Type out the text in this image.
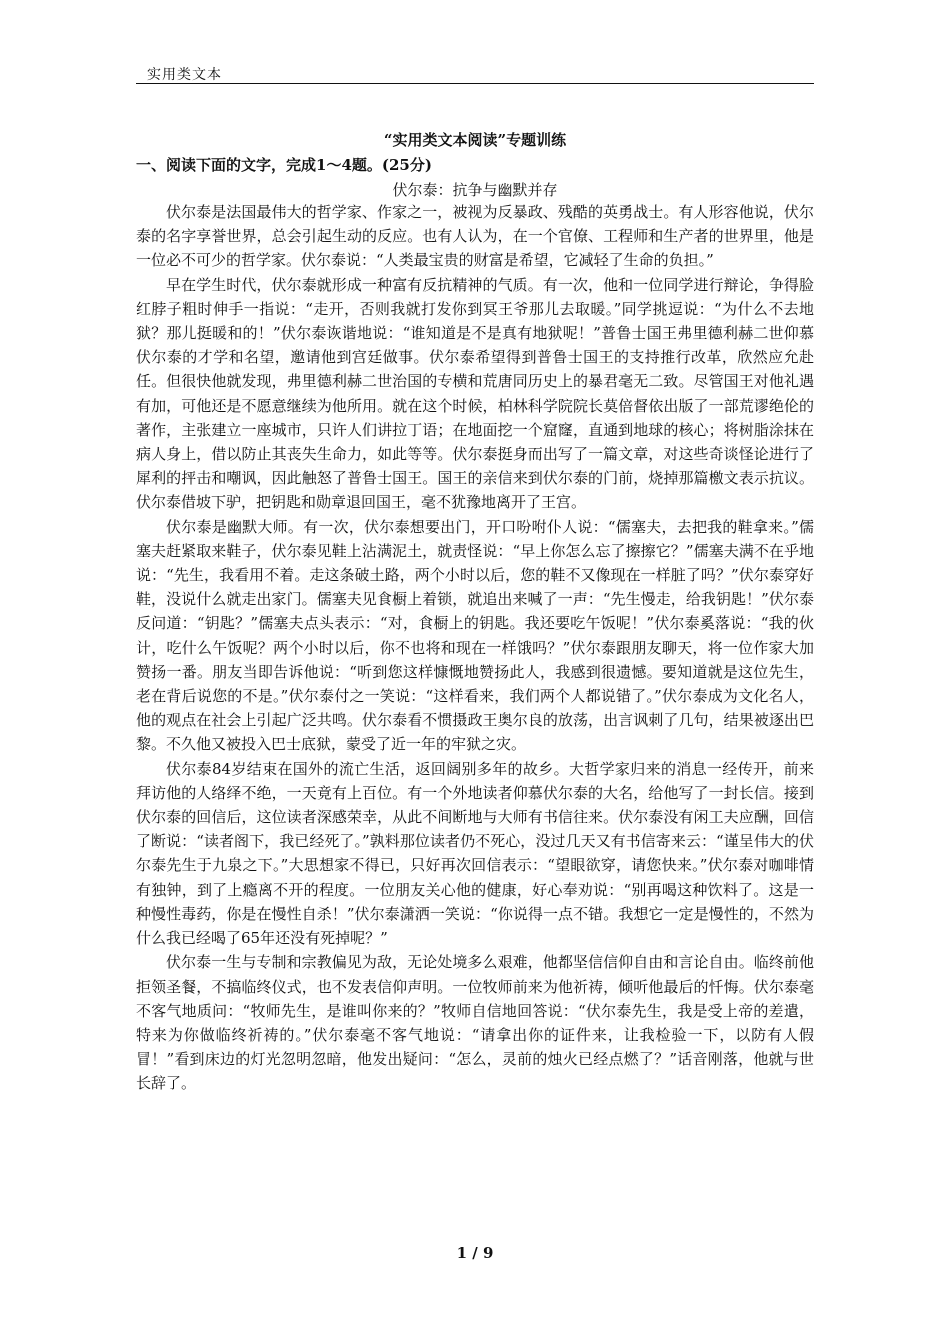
实用类文本
“实用类文本阅读”专题训练
一、阅读下面的文字，完成1～4题。(25分)
伏尔泰：抗争与幽默并存

伏尔泰是法国最伟大的哲学家、作家之一，被视为反暴政、残酷的英勇战士。有人形容他说，伏尔泰的名字享誉世界，总会引起生动的反应。也有人认为，在一个官僚、工程师和生产者的世界里，他是一位必不可少的哲学家。伏尔泰说：“人类最宝贵的财富是希望，它减轻了生命的负担。”

早在学生时代，伏尔泰就形成一种富有反抗精神的气质。有一次，他和一位同学进行辩论，争得脸红脖子粗时伸手一指说：“走开，否则我就打发你到冥王爷那儿去取暖。”同学挑逗说：“为什么不去地狱？那儿挺暖和的！”伏尔泰诙谐地说：“谁知道是不是真有地狱呢！”普鲁士国王弗里德利赫二世仰慕伏尔泰的才学和名望，邀请他到宫廷做事。伏尔泰希望得到普鲁士国王的支持推行改革，欣然应允赴任。但很快他就发现，弗里德利赫二世治国的专横和荒唐同历史上的暴君毫无二致。尽管国王对他礼遇有加，可他还是不愿意继续为他所用。就在这个时候，柏林科学院院长莫倍督依出版了一部荒谬绝伦的著作，主张建立一座城市，只许人们讲拉丁语；在地面挖一个窟窿，直通到地球的核心；将树脂涂抹在病人身上，借以防止其丧失生命力，如此等等。伏尔泰挺身而出写了一篇文章，对这些奇谈怪论进行了犀利的抨击和嘲讽，因此触怒了普鲁士国王。国王的亲信来到伏尔泰的门前，烧掉那篇檄文表示抗议。伏尔泰借坡下驴，把钥匙和勋章退回国王，毫不犹豫地离开了王宫。

伏尔泰是幽默大师。有一次，伏尔泰想要出门，开口吩咐仆人说：“儒塞夫，去把我的鞋拿来。”儒塞夫赶紧取来鞋子，伏尔泰见鞋上沾满泥土，就责怪说：“早上你怎么忘了擦擦它？”儒塞夫满不在乎地说：“先生，我看用不着。走这条破土路，两个小时以后，您的鞋不又像现在一样脏了吗？”伏尔泰穿好鞋，没说什么就走出家门。儒塞夫见食橱上着锁，就追出来喊了一声：“先生慢走，给我钥匙！”伏尔泰反问道：“钥匙？”儒塞夫点头表示：“对，食橱上的钥匙。我还要吃午饭呢！”伏尔泰奚落说：“我的伙计，吃什么午饭呢？两个小时以后，你不也将和现在一样饿吗？”伏尔泰跟朋友聊天，将一位作家大加赞扬一番。朋友当即告诉他说：“听到您这样慷慨地赞扬此人，我感到很遗憾。要知道就是这位先生，老在背后说您的不是。”伏尔泰付之一笑说：“这样看来，我们两个人都说错了。”伏尔泰成为文化名人，他的观点在社会上引起广泛共鸣。伏尔泰看不惯摄政王奥尔良的放荡，出言讽刺了几句，结果被逐出巴黎。不久他又被投入巴士底狱，蒙受了近一年的牢狱之灾。

伏尔泰84岁结束在国外的流亡生活，返回阔别多年的故乡。大哲学家归来的消息一经传开，前来拜访他的人络绎不绝，一天竟有上百位。有一个外地读者仰慕伏尔泰的大名，给他写了一封长信。接到伏尔泰的回信后，这位读者深感荣幸，从此不间断地与大师有书信往来。伏尔泰没有闲工夫应酬，回信了断说：“读者阁下，我已经死了。”孰料那位读者仍不死心，没过几天又有书信寄来云：“谨呈伟大的伏尔泰先生于九泉之下。”大思想家不得已，只好再次回信表示：“望眼欲穿，请您快来。”伏尔泰对咖啡情有独钟，到了上瘾离不开的程度。一位朋友关心他的健康，好心奉劝说：“别再喝这种饮料了。这是一种慢性毒药，你是在慢性自杀！”伏尔泰潇洒一笑说：“你说得一点不错。我想它一定是慢性的，不然为什么我已经喝了65年还没有死掉呢？”

伏尔泰一生与专制和宗教偏见为敌，无论处境多么艰难，他都坚信信仰自由和言论自由。临终前他拒领圣餐，不搞临终仪式，也不发表信仰声明。一位牧师前来为他祈祷，倾听他最后的忏悔。伏尔泰毫不客气地质问：“牧师先生，是谁叫你来的？”牧师自信地回答说：“伏尔泰先生，我是受上帝的差遣，特来为你做临终祈祷的。”伏尔泰毫不客气地说：“请拿出你的证件来，让我检验一下，以防有人假冒！”看到床边的灯光忽明忽暗，他发出疑问：“怎么，灵前的烛火已经点燃了？”话音刚落，他就与世长辞了。

1 / 9
